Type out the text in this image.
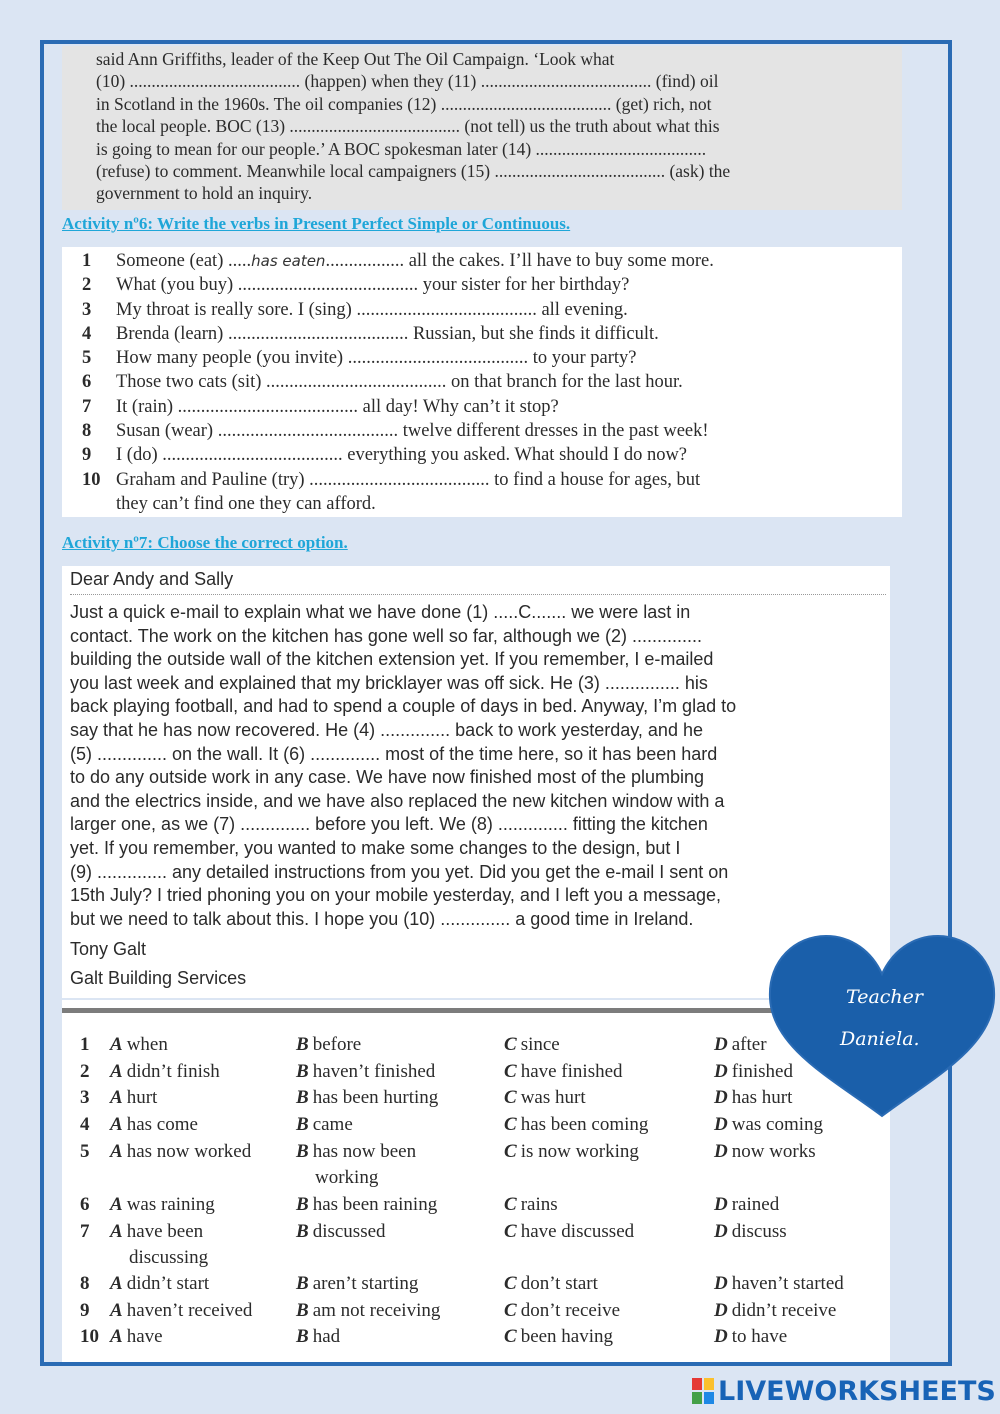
said Ann Griffiths, leader of the Keep Out The Oil Campaign. ‘Look what

(10) ....................................... (happen) when they (11) ....................................... (find) oil

in Scotland in the 1960s. The oil companies (12) ....................................... (get) rich, not

the local people. BOC (13) ....................................... (not tell) us the truth about what this

is going to mean for our people.’ A BOC spokesman later (14) .......................................

(refuse) to comment. Meanwhile local campaigners (15) ....................................... (ask) the

government to hold an inquiry.

Activity nº6: Write the verbs in Present Perfect Simple or Continuous.
1	Someone (eat) .....has eaten................. all the cakes. I’ll have to buy some more.
2	What (you buy) ....................................... your sister for her birthday?
3	My throat is really sore. I (sing) ....................................... all evening.
4	Brenda (learn) ....................................... Russian, but she finds it difficult.
5	How many people (you invite) ....................................... to your party?
6	Those two cats (sit) ....................................... on that branch for the last hour.
7	It (rain) ....................................... all day! Why can’t it stop?
8	Susan (wear) ....................................... twelve different dresses in the past week!
9	I (do) ....................................... everything you asked. What should I do now?
10 Graham and Pauline (try) ....................................... to find a house for ages, but
they can’t find one they can afford.
Activity nº7: Choose the correct option.
Dear Andy and Sally
Just a quick e-mail to explain what we have done (1) .....C....... we were last in
contact. The work on the kitchen has gone well so far, although we (2) ..............
building the outside wall of the kitchen extension yet. If you remember, I e-mailed
you last week and explained that my bricklayer was off sick. He (3) ............... his
back playing football, and had to spend a couple of days in bed. Anyway, I’m glad to
say that he has now recovered. He (4) .............. back to work yesterday, and he
(5) .............. on the wall. It (6) .............. most of the time here, so it has been hard
to do any outside work in any case. We have now finished most of the plumbing
and the electrics inside, and we have also replaced the new kitchen window with a
larger one, as we (7) .............. before you left. We (8) .............. fitting the kitchen
yet. If you remember, you wanted to make some changes to the design, but I
(9) .............. any detailed instructions from you yet. Did you get the e-mail I sent on
15th July? I tried phoning you on your mobile yesterday, and I left you a message,
but we need to talk about this. I hope you (10) .............. a good time in Ireland.
Tony Galt
Galt Building Services
1 A when	B before	C since	D after
2 A didn’t finish	B haven’t finished	C have finished	D finished
3 A hurt	B has been hurting	C was hurt	D has hurt
4 A has come	B came	C has been coming	D was coming
5 A has now worked B has now been
working
C is now working	D now works
6 A was raining	B has been raining	C rains	D rained
7 A have been
discussing
B discussed	C have discussed	D discuss
8 A didn’t start	B aren’t starting	C don’t start	D haven’t started
9 A haven’t received B am not receiving	C don’t receive	D didn’t receive
10 A have	B had	C been having	D to have
Teacher
Daniela.
LIVEWORKSHEETS
